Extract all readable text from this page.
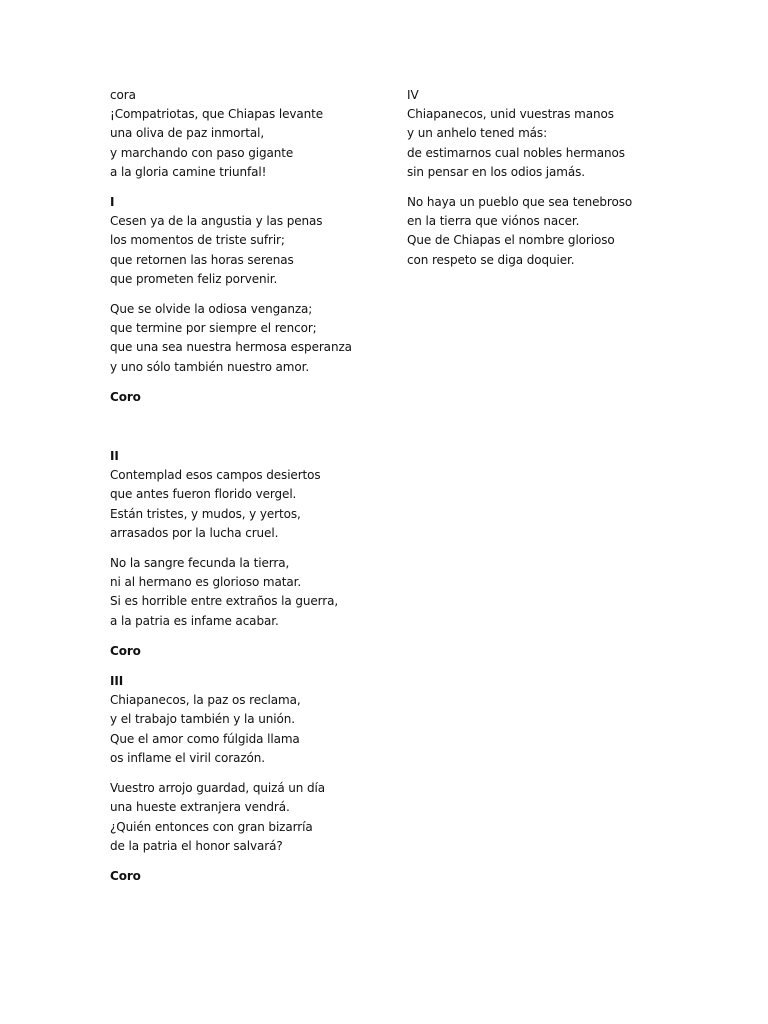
cora
¡Compatriotas, que Chiapas levante
una oliva de paz inmortal,
y marchando con paso gigante
a la gloria camine triunfal!
I
Cesen ya de la angustia y las penas
los momentos de triste sufrir;
que retornen las horas serenas
que prometen feliz porvenir.
Que se olvide la odiosa venganza;
que termine por siempre el rencor;
que una sea nuestra hermosa esperanza
y uno sólo también nuestro amor.
Coro
II
Contemplad esos campos desiertos
que antes fueron florido vergel.
Están tristes, y mudos, y yertos,
arrasados por la lucha cruel.
No la sangre fecunda la tierra,
ni al hermano es glorioso matar.
Si es horrible entre extraños la guerra,
a la patria es infame acabar.
Coro
III
Chiapanecos, la paz os reclama,
y el trabajo también y la unión.
Que el amor como fúlgida llama
os inflame el viril corazón.
Vuestro arrojo guardad, quizá un día
una hueste extranjera vendrá.
¿Quién entonces con gran bizarría
de la patria el honor salvará?
Coro
IV
Chiapanecos, unid vuestras manos
y un anhelo tened más:
de estimarnos cual nobles hermanos
sin pensar en los odios jamás.
No haya un pueblo que sea tenebroso
en la tierra que viónos nacer.
Que de Chiapas el nombre glorioso
con respeto se diga doquier.
